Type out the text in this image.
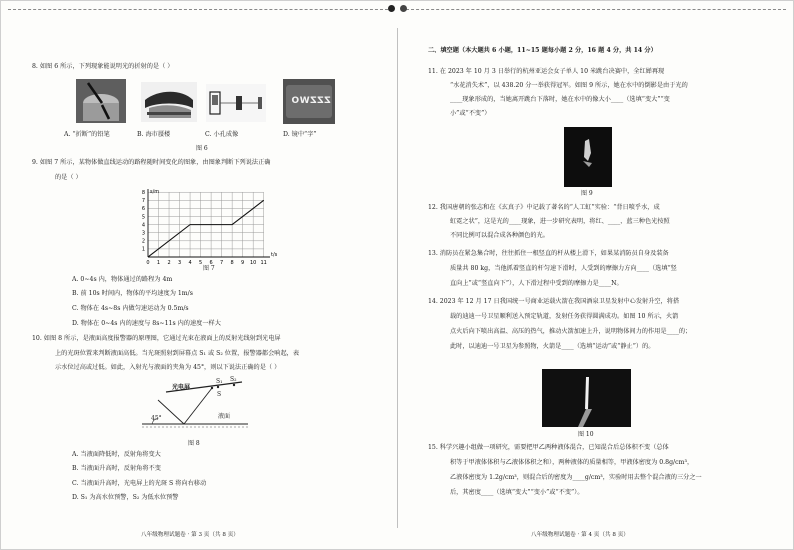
8. 如图 6 所示，下列现象能说明光的折射的是（ ）

ZZZWO
A. “折断”的铅笔	B. 海市蜃楼	C. 小孔成像	D. 镜中“字”
图 6

9. 如图 7 所示，某物体做直线运动的路程随时间变化的图象，由图象判断下列说法正确

的是（ ）

0 1 2 3 4 5 6 7 8 9 10 11
1
2
3
4
5
6
7
8 s/m
t/s
图 7

A. 0~4s 内，物体通过的路程为 4m

B. 前 10s 时间内，物体的平均速度为 1m/s

C. 物体在 4s~8s 内做匀速运动为 0.5m/s

D. 物体在 0~4s 内的速度与 8s~11s 内的速度一样大

10. 如图 8 所示，是液面高度报警器的原理图，它通过光束在液面上的反射光线射到光电屏

上的光斑位置来判断液面高低。当光斑照射到屏幕点 S₁ 或 S₂ 位置，报警器都会响起，表

示水位过高或过低。如此，入射光与液面的夹角为 45°，则以下说法正确的是（ ）

光电屏
S₁ S₂
S
45°	液面
图 8

A. 当液面降低时，反射角将变大

B. 当液面升高时，反射角将不变

C. 当液面升高时，光电屏上的光斑 S 将向右移动

D. S₁ 为高水位预警，S₂ 为低水位预警

八年级物理试题卷 · 第 3 页（共 8 页）

二、填空题（本大题共 6 小题，11~15 题每小题 2 分，16 题 4 分，共 14 分）

11. 在 2023 年 10 月 3 日举行的杭州亚运会女子单人 10 米跳台决赛中，全红婵再现

“水花消失术”，以 438.20 分一举获得冠军。如图 9 所示，她在水中的倒影是由于光的

____现象形成的，当她离开跳台下落时，她在水中的像大小____（选填“变大”“变

小”或“不变”）

图 9

12. 我国唐朝的张志和在《玄真子》中记载了著名的“人工虹”实验：“背日喷乎水，成

虹霓之状”，这是光的____现象，进一步研究表明，将红、____、蓝三种色光按照

不同比例可以混合成各种颜色的光。

13. 消防员在紧急集合时，往往抓住一根竖直的杆从楼上滑下，如果某消防员自身及装备

质量共 80 kg，当他抓着竖直的杆匀速下滑时，人受到的摩擦力方向____（选填“竖

直向上”或“竖直向下”），人下滑过程中受到的摩擦力是____N。

14. 2023 年 12 月 17 日我国统一号商业运载火箭在我国酒泉卫星发射中心发射升空，将搭

载的迪迪一号卫星顺利送入预定轨道，发射任务获得圆满成功。如图 10 所示，火箭

点火后向下喷出高温、高压的热气，推动火箭加速上升，说明物体间力的作用是____的；

此时，以迪迪一号卫星为参照物，火箭是____（选填“运动”或“静止”）的。

图 10

15. 科学兴趣小组做一项研究，需要把甲乙两种液体混合，已知混合后总体积不变（总体

积等于甲液体体积与乙液体体积之和），两种液体的质量相等，甲液体密度为 0.8g/cm³，

乙液体密度为 1.2g/cm³，则混合后的密度为____g/cm³，实验时用去整个混合液的三分之一

后，其密度____（选填“变大”“变小”或“不变”）。

八年级物理试题卷 · 第 4 页（共 8 页）
